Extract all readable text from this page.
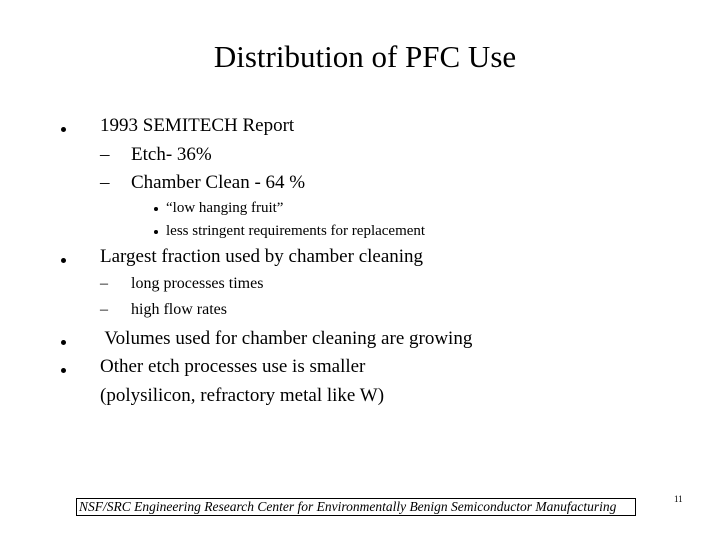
Distribution of PFC Use
1993 SEMITECH Report
– Etch- 36%
– Chamber Clean - 64 %
“low hanging fruit”
less stringent requirements for replacement
Largest fraction used by chamber cleaning
– long processes times
– high flow rates
Volumes used for chamber cleaning are growing
Other etch processes use is smaller
(polysilicon, refractory metal like W)
NSF/SRC Engineering Research Center for Environmentally Benign Semiconductor Manufacturing	11
